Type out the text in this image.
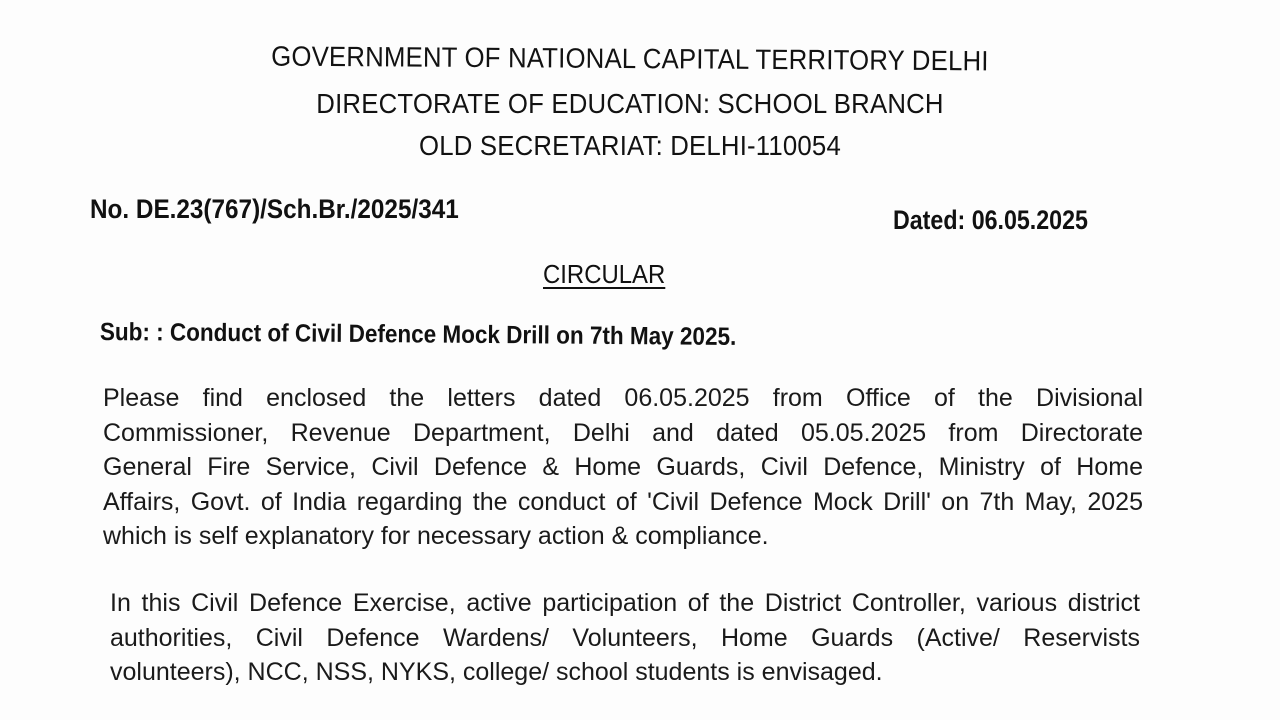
GOVERNMENT OF NATIONAL CAPITAL TERRITORY DELHI
DIRECTORATE OF EDUCATION: SCHOOL BRANCH
OLD SECRETARIAT: DELHI-110054
No. DE.23(767)/Sch.Br./2025/341	Dated: 06.05.2025
CIRCULAR
Sub: : Conduct of Civil Defence Mock Drill on 7th May 2025.
Please find enclosed the letters dated 06.05.2025 from Office of the Divisional
Commissioner, Revenue Department, Delhi and dated 05.05.2025 from Directorate
General Fire Service, Civil Defence & Home Guards, Civil Defence, Ministry of Home
Affairs, Govt. of India regarding the conduct of 'Civil Defence Mock Drill' on 7th May, 2025
which is self explanatory for necessary action & compliance.
In this Civil Defence Exercise, active participation of the District Controller, various district
authorities, Civil Defence Wardens/ Volunteers, Home Guards (Active/ Reservists
volunteers), NCC, NSS, NYKS, college/ school students is envisaged.
